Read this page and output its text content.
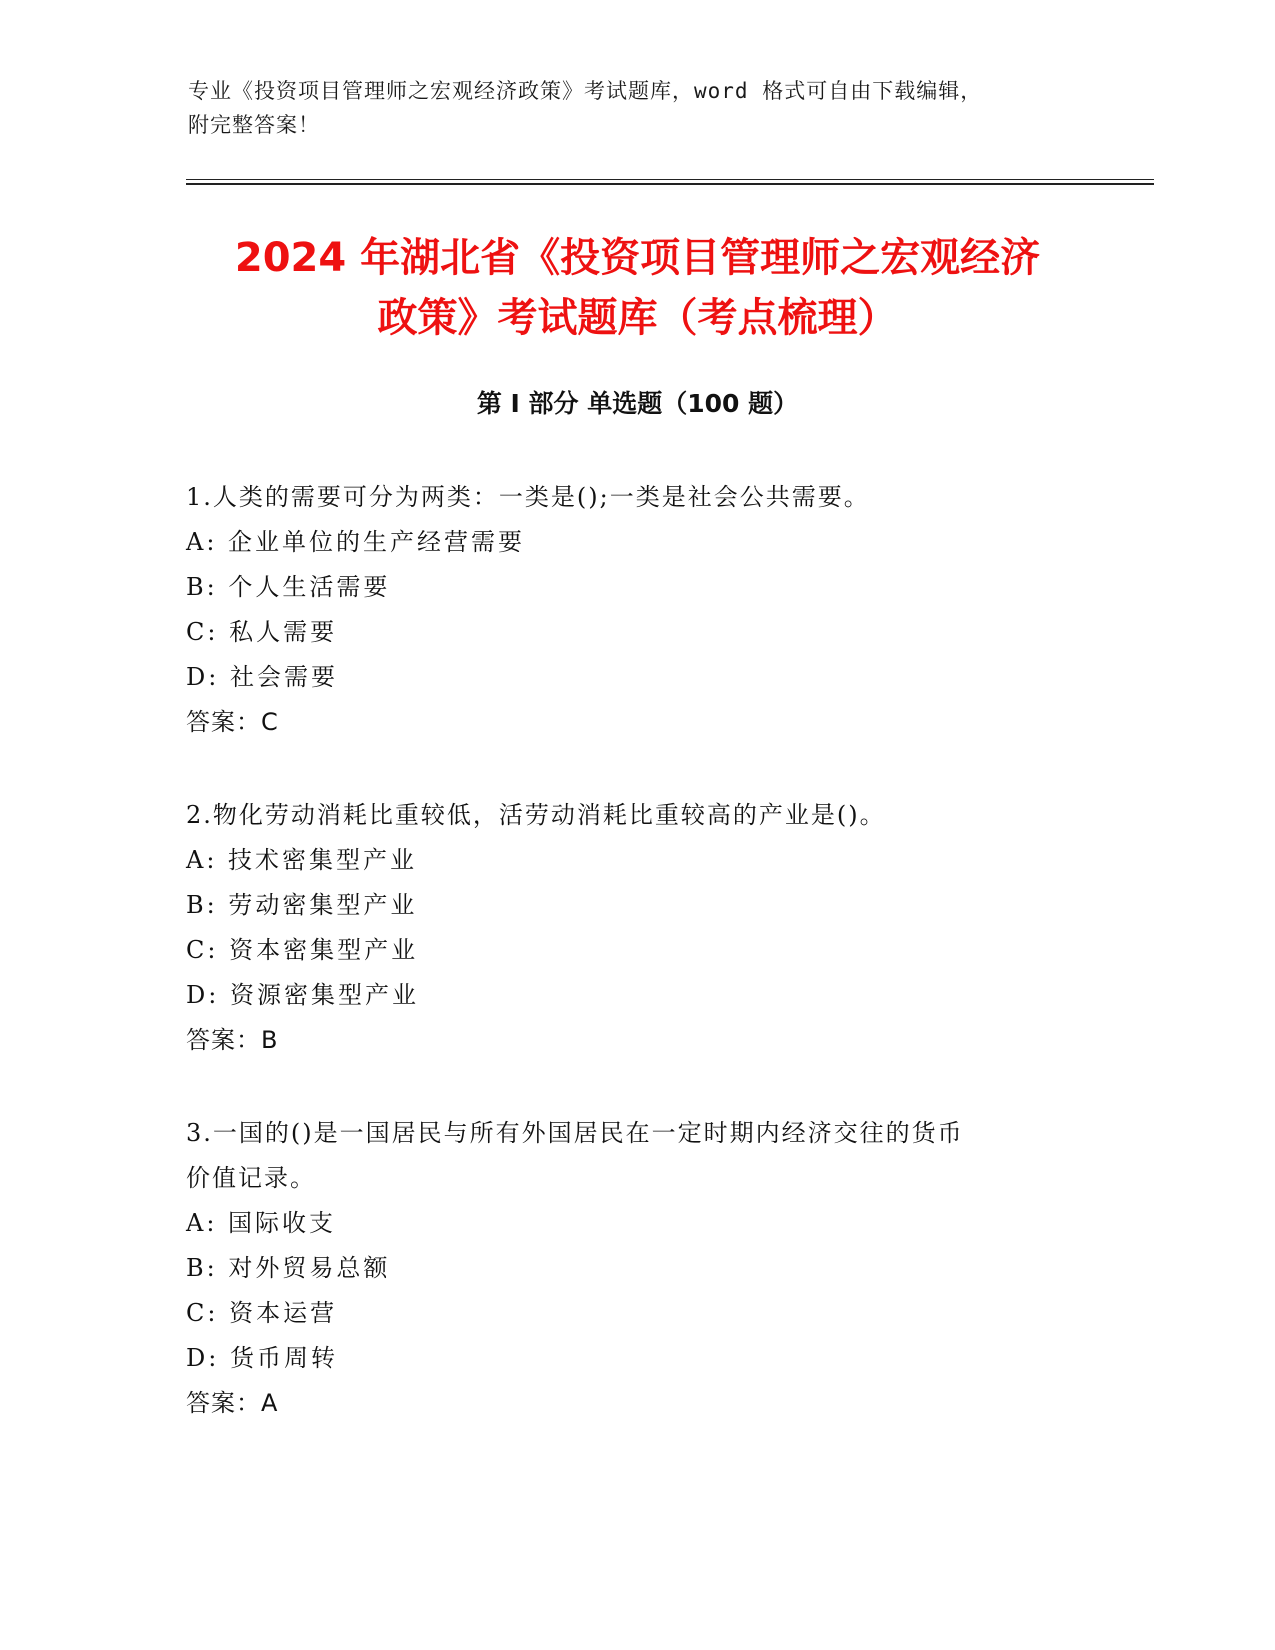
专业《投资项目管理师之宏观经济政策》考试题库，word 格式可自由下载编辑，
附完整答案！
2024 年湖北省《投资项目管理师之宏观经济
政策》考试题库（考点梳理）
第 I 部分 单选题（100 题）
1.人类的需要可分为两类：一类是();一类是社会公共需要。
A: 企业单位的生产经营需要
B: 个人生活需要
C: 私人需要
D: 社会需要
答案：C
2.物化劳动消耗比重较低，活劳动消耗比重较高的产业是()。
A: 技术密集型产业
B: 劳动密集型产业
C: 资本密集型产业
D: 资源密集型产业
答案：B
3.一国的()是一国居民与所有外国居民在一定时期内经济交往的货币
价值记录。
A: 国际收支
B: 对外贸易总额
C: 资本运营
D: 货币周转
答案：A
